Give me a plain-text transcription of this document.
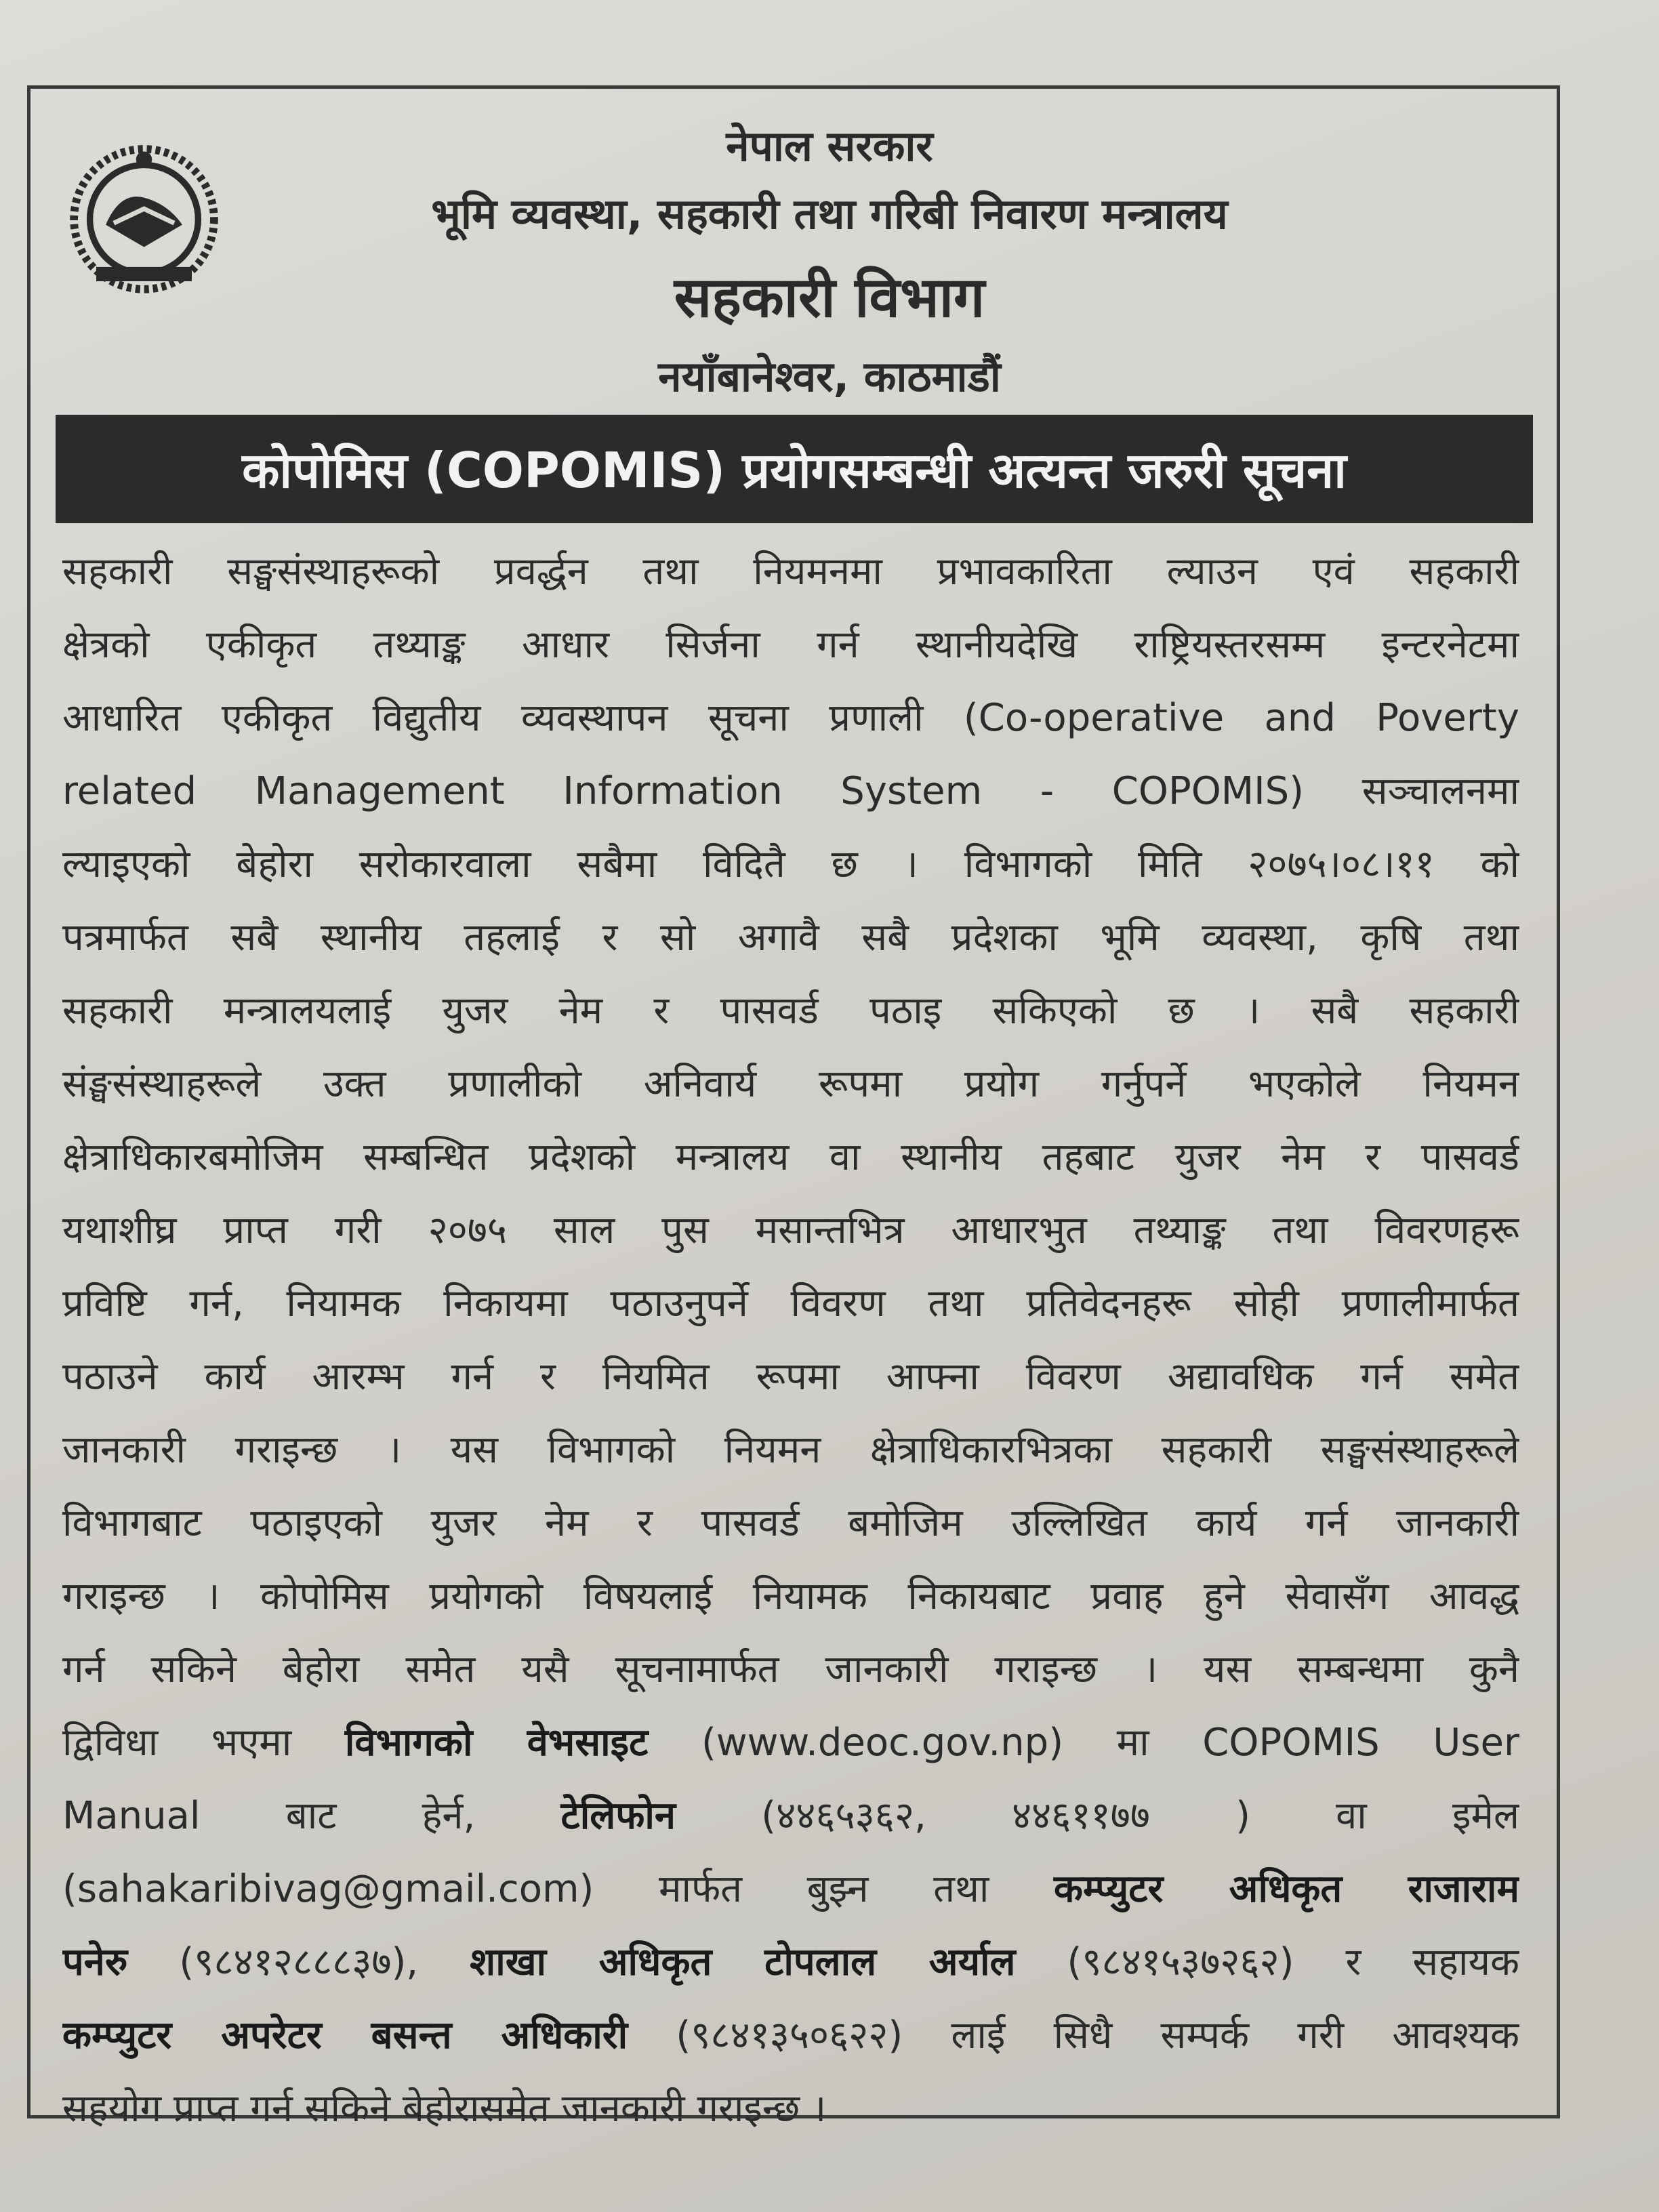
नेपाल सरकार
भूमि व्यवस्था, सहकारी तथा गरिबी निवारण मन्त्रालय
सहकारी विभाग
नयाँबानेश्वर, काठमाडौं
कोपोमिस (COPOMIS) प्रयोगसम्बन्धी अत्यन्त जरुरी सूचना
सहकारी सङ्घसंस्थाहरूको प्रवर्द्धन तथा नियमनमा प्रभावकारिता ल्याउन एवं सहकारी
क्षेत्रको एकीकृत तथ्याङ्क आधार सिर्जना गर्न स्थानीयदेखि राष्ट्रियस्तरसम्म इन्टरनेटमा
आधारित एकीकृत विद्युतीय व्यवस्थापन सूचना प्रणाली (Co-operative and Poverty
related Management Information System - COPOMIS) सञ्चालनमा
ल्याइएको बेहोरा सरोकारवाला सबैमा विदितै छ । विभागको मिति २०७५।०८।११ को
पत्रमार्फत सबै स्थानीय तहलाई र सो अगावै सबै प्रदेशका भूमि व्यवस्था, कृषि तथा
सहकारी मन्त्रालयलाई युजर नेम र पासवर्ड पठाइ सकिएको छ । सबै सहकारी
संङ्घसंस्थाहरूले उक्त प्रणालीको अनिवार्य रूपमा प्रयोग गर्नुपर्ने भएकोले नियमन
क्षेत्राधिकारबमोजिम सम्बन्धित प्रदेशको मन्त्रालय वा स्थानीय तहबाट युजर नेम र पासवर्ड
यथाशीघ्र प्राप्त गरी २०७५ साल पुस मसान्तभित्र आधारभुत तथ्याङ्क तथा विवरणहरू
प्रविष्टि गर्न, नियामक निकायमा पठाउनुपर्ने विवरण तथा प्रतिवेदनहरू सोही प्रणालीमार्फत
पठाउने कार्य आरम्भ गर्न र नियमित रूपमा आफ्ना विवरण अद्यावधिक गर्न समेत
जानकारी गराइन्छ । यस विभागको नियमन क्षेत्राधिकारभित्रका सहकारी सङ्घसंस्थाहरूले
विभागबाट पठाइएको युजर नेम र पासवर्ड बमोजिम उल्लिखित कार्य गर्न जानकारी
गराइन्छ । कोपोमिस प्रयोगको विषयलाई नियामक निकायबाट प्रवाह हुने सेवासँग आवद्ध
गर्न सकिने बेहोरा समेत यसै सूचनामार्फत जानकारी गराइन्छ । यस सम्बन्धमा कुनै
द्विविधा भएमा विभागको वेभसाइट (www.deoc.gov.np) मा COPOMIS User
Manual बाट हेर्न, टेलिफोन (४४६५३६२, ४४६११७७ ) वा इमेल
(sahakaribivag@gmail.com) मार्फत बुझ्न तथा कम्प्युटर अधिकृत राजाराम
पनेरु (९८४१२८८८३७), शाखा अधिकृत टोपलाल अर्याल (९८४१५३७२६२) र सहायक
कम्प्युटर अपरेटर बसन्त अधिकारी (९८४१३५०६२२) लाई सिधै सम्पर्क गरी आवश्यक
सहयोग प्राप्त गर्न सकिने बेहोरासमेत जानकारी गराइन्छ ।
